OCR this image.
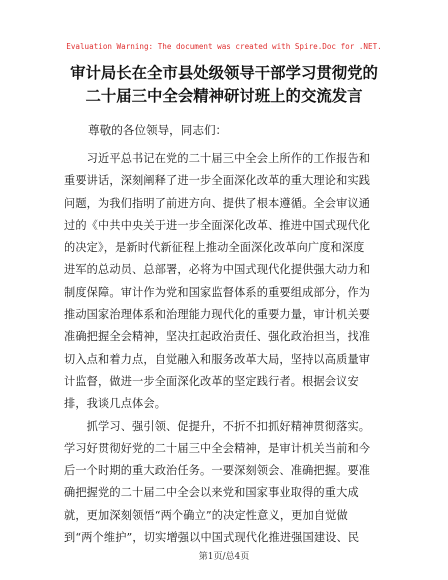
Evaluation Warning: The document was created with Spire.Doc for .NET.
审计局长在全市县处级领导干部学习贯彻党的
二十届三中全会精神研讨班上的交流发言
尊敬的各位领导，同志们：
　　习近平总书记在党的二十届三中全会上所作的工作报告和
重要讲话，深刻阐释了进一步全面深化改革的重大理论和实践
问题，为我们指明了前进方向、提供了根本遵循。全会审议通
过的《中共中央关于进一步全面深化改革、推进中国式现代化
的决定》，是新时代新征程上推动全面深化改革向广度和深度
进军的总动员、总部署，必将为中国式现代化提供强大动力和
制度保障。审计作为党和国家监督体系的重要组成部分，作为
推动国家治理体系和治理能力现代化的重要力量，审计机关要
准确把握全会精神，坚决扛起政治责任、强化政治担当，找准
切入点和着力点，自觉融入和服务改革大局，坚持以高质量审
计监督，做进一步全面深化改革的坚定践行者。根据会议安
排，我谈几点体会。
　　抓学习、强引领、促提升，不折不扣抓好精神贯彻落实。
学习好贯彻好党的二十届三中全会精神，是审计机关当前和今
后一个时期的重大政治任务。一要深刻领会、准确把握。要准
确把握党的二十届二中全会以来党和国家事业取得的重大成
就，更加深刻领悟“两个确立”的决定性意义，更加自觉做
到“两个维护”，切实增强以中国式现代化推进强国建设、民
第1页/总4页
